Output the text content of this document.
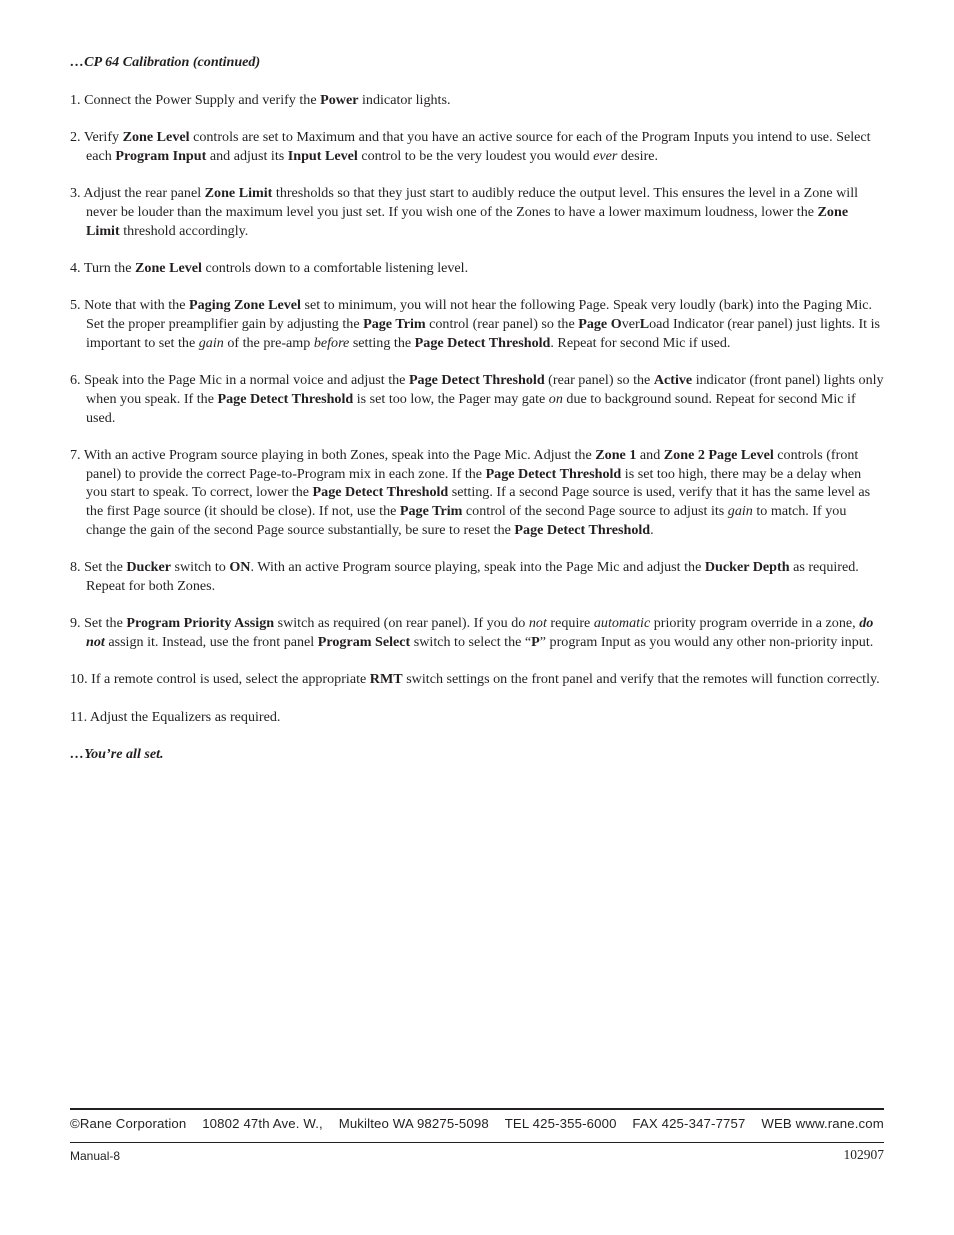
…CP 64 Calibration (continued)

1. Connect the Power Supply and verify the Power indicator lights.
2. Verify Zone Level controls are set to Maximum and that you have an active source for each of the Program Inputs you intend to use. Select each Program Input and adjust its Input Level control to be the very loudest you would ever desire.
3. Adjust the rear panel Zone Limit thresholds so that they just start to audibly reduce the output level. This ensures the level in a Zone will never be louder than the maximum level you just set. If you wish one of the Zones to have a lower maximum loudness, lower the Zone Limit threshold accordingly.
4. Turn the Zone Level controls down to a comfortable listening level.
5. Note that with the Paging Zone Level set to minimum, you will not hear the following Page. Speak very loudly (bark) into the Paging Mic. Set the proper preamplifier gain by adjusting the Page Trim control (rear panel) so the Page OverLoad Indicator (rear panel) just lights. It is important to set the gain of the pre-amp before setting the Page Detect Threshold. Repeat for second Mic if used.
6. Speak into the Page Mic in a normal voice and adjust the Page Detect Threshold (rear panel) so the Active indicator (front panel) lights only when you speak. If the Page Detect Threshold is set too low, the Pager may gate on due to background sound. Repeat for second Mic if used.
7. With an active Program source playing in both Zones, speak into the Page Mic. Adjust the Zone 1 and Zone 2 Page Level controls (front panel) to provide the correct Page-to-Program mix in each zone. If the Page Detect Threshold is set too high, there may be a delay when you start to speak. To correct, lower the Page Detect Threshold setting. If a second Page source is used, verify that it has the same level as the first Page source (it should be close). If not, use the Page Trim control of the second Page source to adjust its gain to match. If you change the gain of the second Page source substantially, be sure to reset the Page Detect Threshold.
8. Set the Ducker switch to ON. With an active Program source playing, speak into the Page Mic and adjust the Ducker Depth as required. Repeat for both Zones.
9. Set the Program Priority Assign switch as required (on rear panel). If you do not require automatic priority program override in a zone, do not assign it. Instead, use the front panel Program Select switch to select the “P” program Input as you would any other non-priority input.
10. If a remote control is used, select the appropriate RMT switch settings on the front panel and verify that the remotes will function correctly.
11. Adjust the Equalizers as required.

…You’re all set.

©Rane Corporation 10802 47th Ave. W., Mukilteo WA 98275-5098 TEL 425-355-6000 FAX 425-347-7757 WEB www.rane.com
Manual-8	102907
